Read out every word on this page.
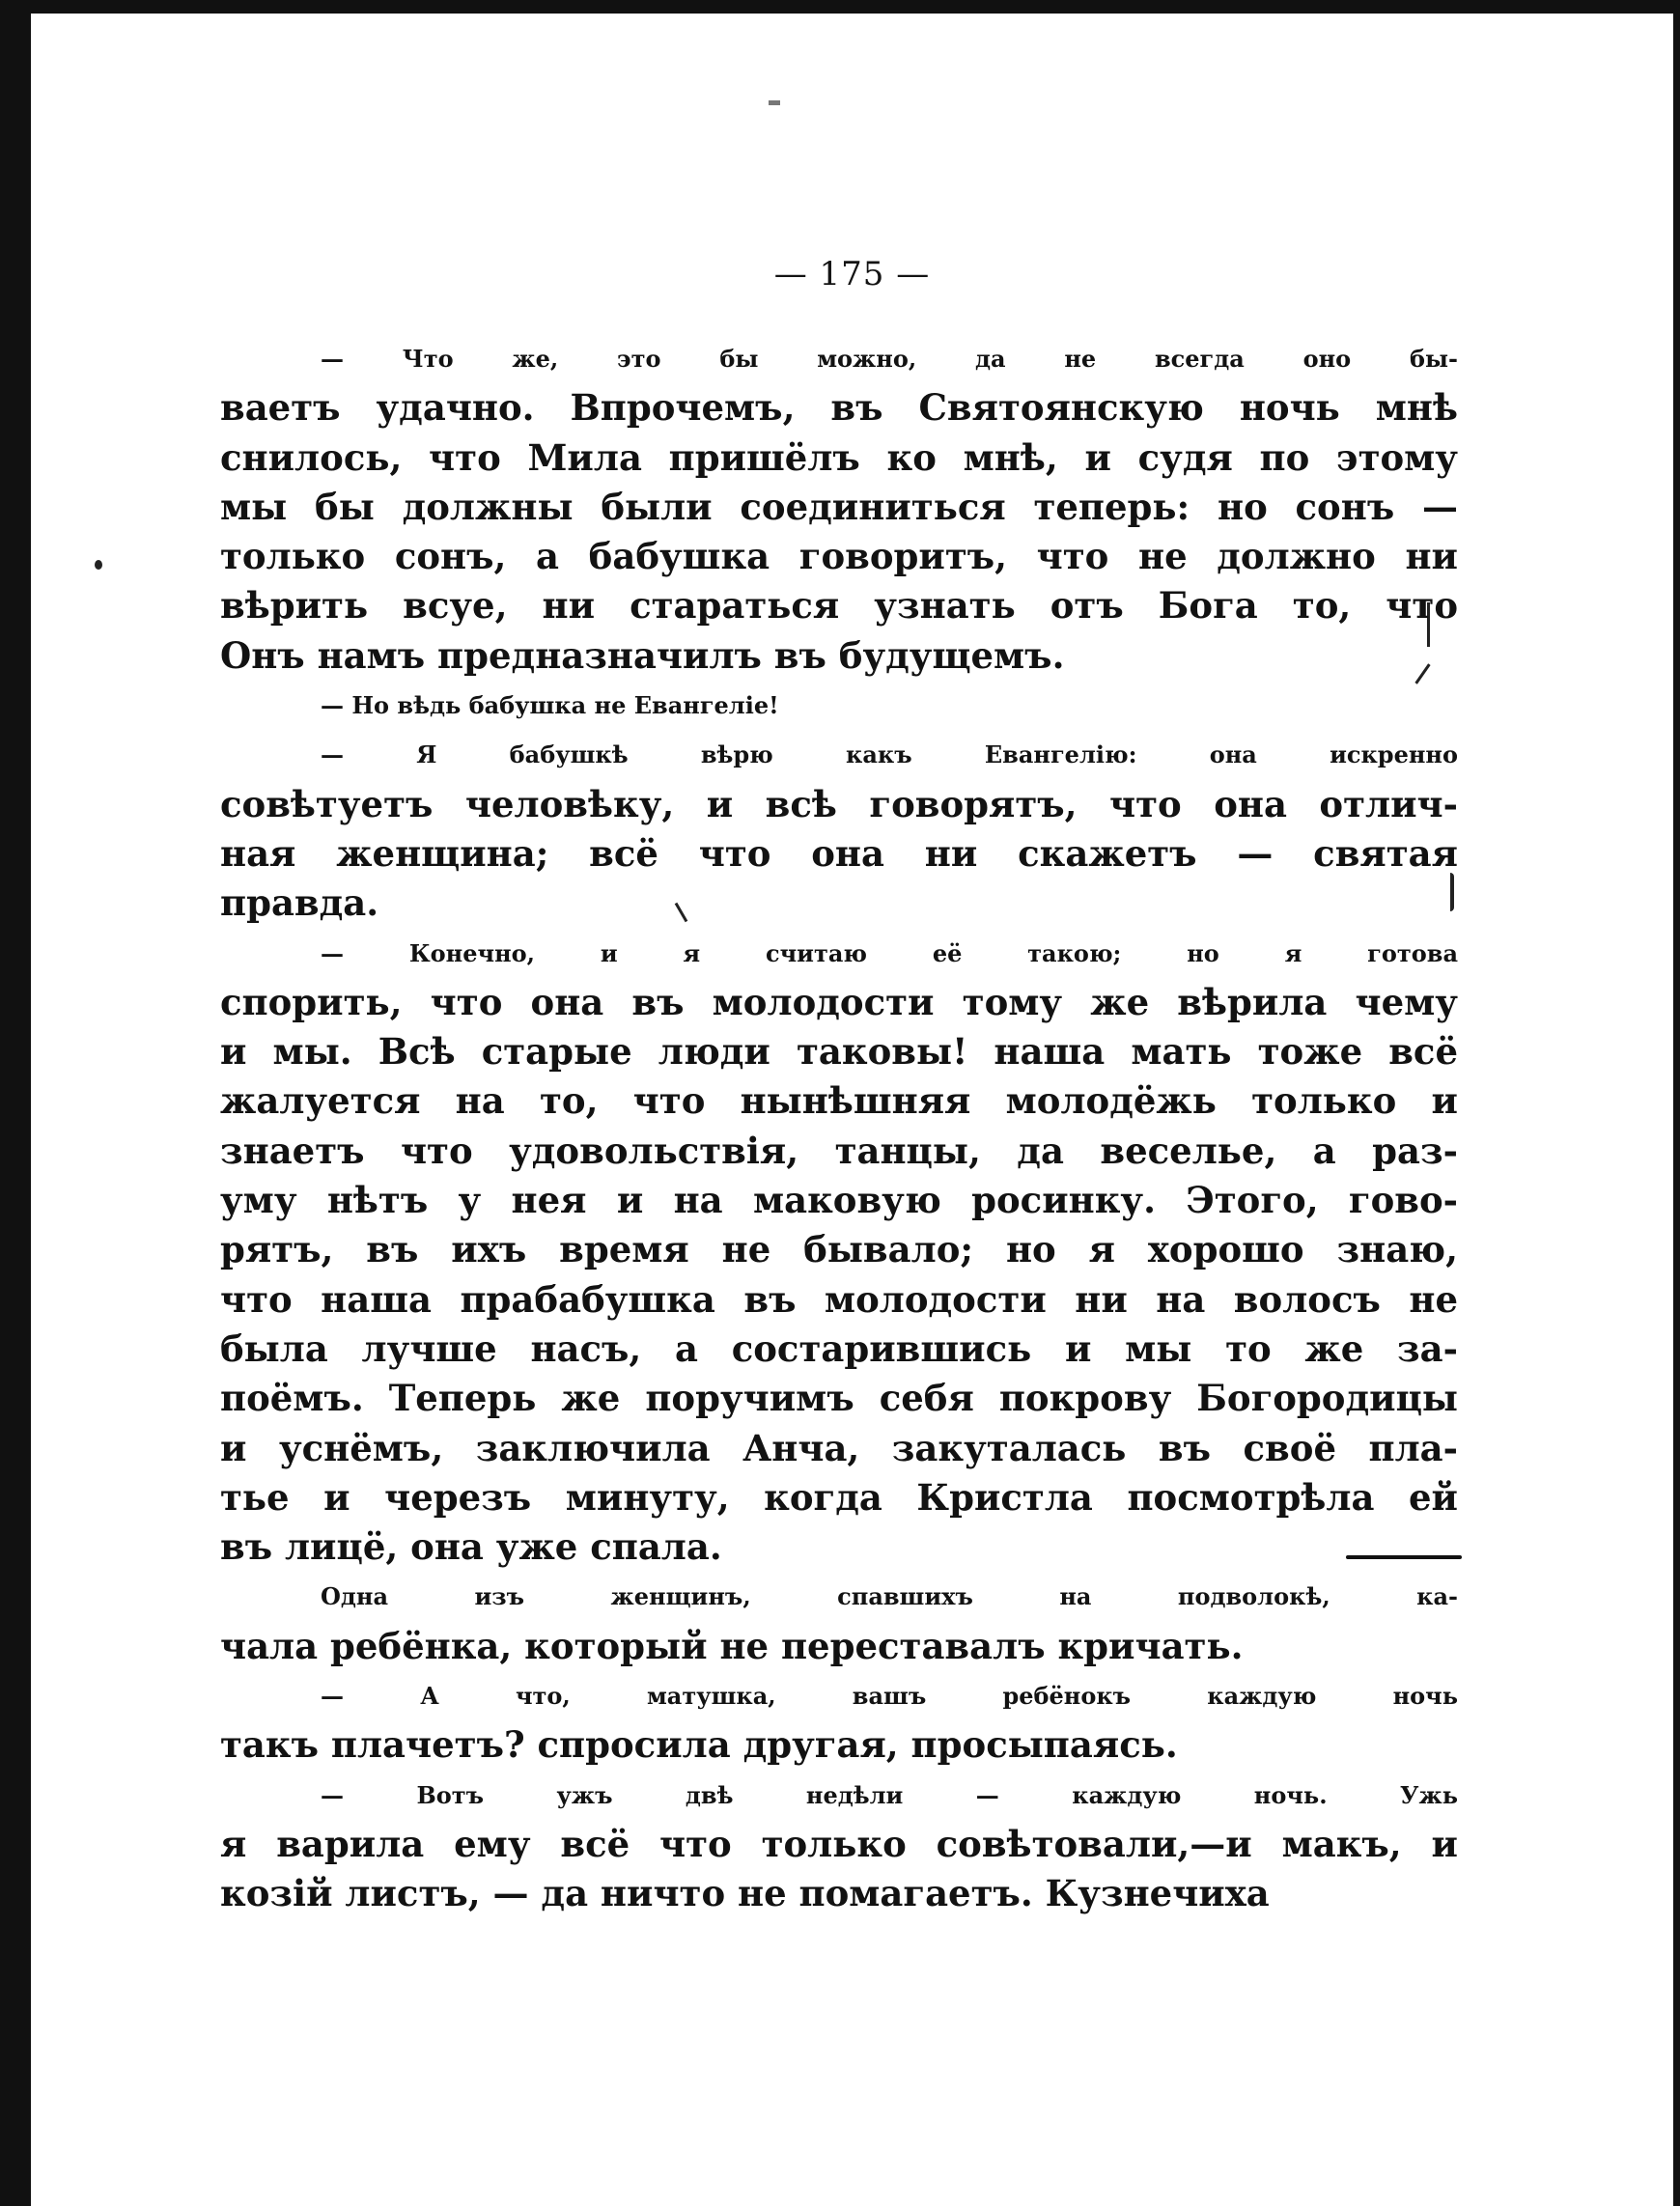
— 175 —
— Что же, это бы можно, да не всегда оно бы-
ваетъ удачно. Впрочемъ, въ Святоянскую ночь мнѣ
снилось, что Мила пришёлъ ко мнѣ, и судя по этому
мы бы должны были соединиться теперь: но сонъ —
только сонъ, а бабушка говоритъ, что не должно ни
вѣрить всуе, ни стараться узнать отъ Бога то, что
Онъ намъ предназначилъ въ будущемъ.
— Но вѣдь бабушка не Евангеліе!
— Я бабушкѣ вѣрю какъ Евангелію: она искренно
совѣтуетъ человѣку, и всѣ говорятъ, что она отлич-
ная женщина; всё что она ни скажетъ — святая
правда.
— Конечно, и я считаю её такою; но я готова
спорить, что она въ молодости тому же вѣрила чему
и мы. Всѣ старые люди таковы! наша мать тоже всё
жалуется на то, что нынѣшняя молодёжь только и
знаетъ что удовольствія, танцы, да веселье, а раз-
уму нѣтъ у нея и на маковую росинку. Этого, гово-
рятъ, въ ихъ время не бывало; но я хорошо знаю,
что наша прабабушка въ молодости ни на волосъ не
была лучше насъ, а состарившись и мы то же за-
поёмъ. Теперь же поручимъ себя покрову Богородицы
и уснёмъ, заключила Анча, закуталась въ своё пла-
тье и черезъ минуту, когда Кристла посмотрѣла ей
въ лицё, она уже спала.
Одна изъ женщинъ, спавшихъ на подволокѣ, ка-
чала ребёнка, который не переставалъ кричать.
— А что, матушка, вашъ ребёнокъ каждую ночь
такъ плачетъ? спросила другая, просыпаясь.
— Вотъ ужъ двѣ недѣли — каждую ночь. Ужь
я варила ему всё что только совѣтовали,—и макъ, и
козій листъ, — да ничто не помагаетъ. Кузнечиха
